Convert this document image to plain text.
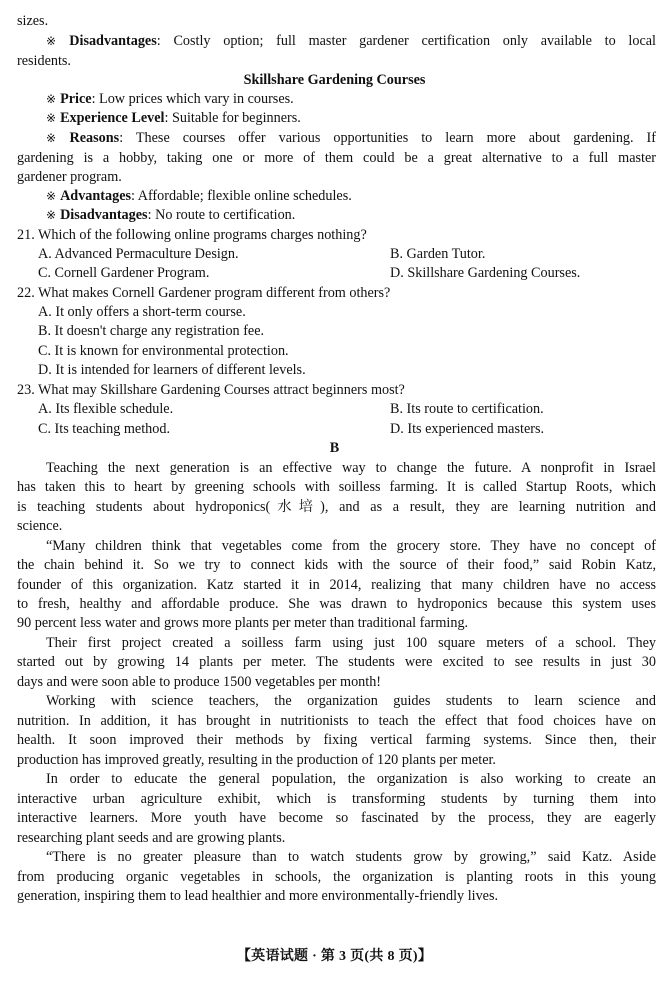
sizes.
※ Disadvantages: Costly option; full master gardener certification only available to local
residents.
Skillshare Gardening Courses
※ Price: Low prices which vary in courses.
※ Experience Level: Suitable for beginners.
※ Reasons: These courses offer various opportunities to learn more about gardening. If
gardening is a hobby, taking one or more of them could be a great alternative to a full master
gardener program.
※ Advantages: Affordable; flexible online schedules.
※ Disadvantages: No route to certification.
21. Which of the following online programs charges nothing?
A. Advanced Permaculture Design.	B. Garden Tutor.
C. Cornell Gardener Program.	D. Skillshare Gardening Courses.
22. What makes Cornell Gardener program different from others?
A. It only offers a short-term course.
B. It doesn't charge any registration fee.
C. It is known for environmental protection.
D. It is intended for learners of different levels.
23. What may Skillshare Gardening Courses attract beginners most?
A. Its flexible schedule.	B. Its route to certification.
C. Its teaching method.	D. Its experienced masters.
B
Teaching the next generation is an effective way to change the future. A nonprofit in Israel
has taken this to heart by greening schools with soilless farming. It is called Startup Roots, which
is teaching students about hydroponics(水培), and as a result, they are learning nutrition and
science.
“Many children think that vegetables come from the grocery store. They have no concept of
the chain behind it. So we try to connect kids with the source of their food,” said Robin Katz,
founder of this organization. Katz started it in 2014, realizing that many children have no access
to fresh, healthy and affordable produce. She was drawn to hydroponics because this system uses
90 percent less water and grows more plants per meter than traditional farming.
Their first project created a soilless farm using just 100 square meters of a school. They
started out by growing 14 plants per meter. The students were excited to see results in just 30
days and were soon able to produce 1500 vegetables per month!
Working with science teachers, the organization guides students to learn science and
nutrition. In addition, it has brought in nutritionists to teach the effect that food choices have on
health. It soon improved their methods by fixing vertical farming systems. Since then, their
production has improved greatly, resulting in the production of 120 plants per meter.
In order to educate the general population, the organization is also working to create an
interactive urban agriculture exhibit, which is transforming students by turning them into
interactive learners. More youth have become so fascinated by the process, they are eagerly
researching plant seeds and are growing plants.
“There is no greater pleasure than to watch students grow by growing,” said Katz. Aside
from producing organic vegetables in schools, the organization is planting roots in this young
generation, inspiring them to lead healthier and more environmentally-friendly lives.
【英语试题 · 第 3 页(共 8 页)】
